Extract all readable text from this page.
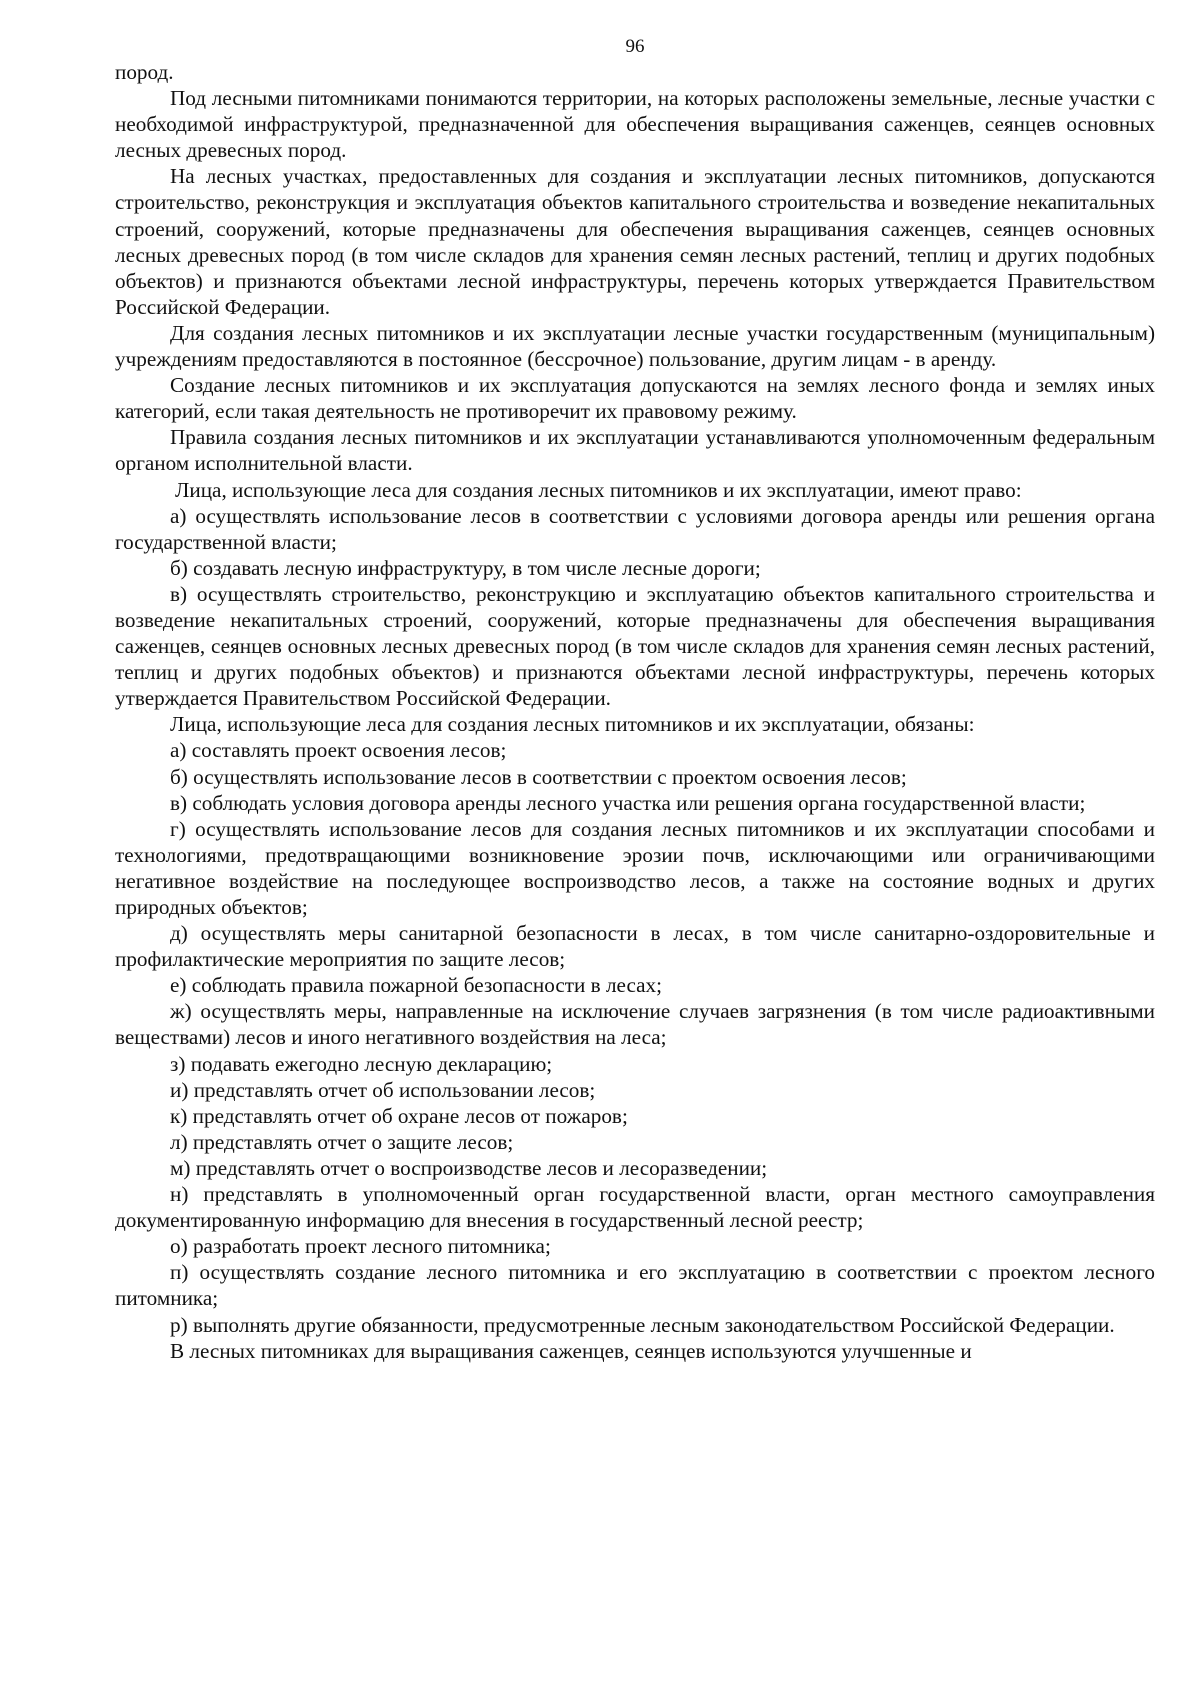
96

пород.

Под лесными питомниками понимаются территории, на которых расположены земельные, лесные участки с необходимой инфраструктурой, предназначенной для обеспечения выращивания саженцев, сеянцев основных лесных древесных пород.

На лесных участках, предоставленных для создания и эксплуатации лесных питомников, допускаются строительство, реконструкция и эксплуатация объектов капитального строительства и возведение некапитальных строений, сооружений, которые предназначены для обеспечения выращивания саженцев, сеянцев основных лесных древесных пород (в том числе складов для хранения семян лесных растений, теплиц и других подобных объектов) и признаются объектами лесной инфраструктуры, перечень которых утверждается Правительством Российской Федерации.

Для создания лесных питомников и их эксплуатации лесные участки государственным (муниципальным) учреждениям предоставляются в постоянное (бессрочное) пользование, другим лицам - в аренду.

Создание лесных питомников и их эксплуатация допускаются на землях лесного фонда и землях иных категорий, если такая деятельность не противоречит их правовому режиму.

Правила создания лесных питомников и их эксплуатации устанавливаются уполномоченным федеральным органом исполнительной власти.

Лица, использующие леса для создания лесных питомников и их эксплуатации, имеют право:

а) осуществлять использование лесов в соответствии с условиями договора аренды или решения органа государственной власти;

б) создавать лесную инфраструктуру, в том числе лесные дороги;

в) осуществлять строительство, реконструкцию и эксплуатацию объектов капитального строительства и возведение некапитальных строений, сооружений, которые предназначены для обеспечения выращивания саженцев, сеянцев основных лесных древесных пород (в том числе складов для хранения семян лесных растений, теплиц и других подобных объектов) и признаются объектами лесной инфраструктуры, перечень которых утверждается Правительством Российской Федерации.

Лица, использующие леса для создания лесных питомников и их эксплуатации, обязаны:

а) составлять проект освоения лесов;

б) осуществлять использование лесов в соответствии с проектом освоения лесов;

в) соблюдать условия договора аренды лесного участка или решения органа государственной власти;

г) осуществлять использование лесов для создания лесных питомников и их эксплуатации способами и технологиями, предотвращающими возникновение эрозии почв, исключающими или ограничивающими негативное воздействие на последующее воспроизводство лесов, а также на состояние водных и других природных объектов;

д) осуществлять меры санитарной безопасности в лесах, в том числе санитарно-оздоровительные и профилактические мероприятия по защите лесов;

е) соблюдать правила пожарной безопасности в лесах;

ж) осуществлять меры, направленные на исключение случаев загрязнения (в том числе радиоактивными веществами) лесов и иного негативного воздействия на леса;

з) подавать ежегодно лесную декларацию;

и) представлять отчет об использовании лесов;

к) представлять отчет об охране лесов от пожаров;

л) представлять отчет о защите лесов;

м) представлять отчет о воспроизводстве лесов и лесоразведении;

н) представлять в уполномоченный орган государственной власти, орган местного самоуправления документированную информацию для внесения в государственный лесной реестр;

о) разработать проект лесного питомника;

п) осуществлять создание лесного питомника и его эксплуатацию в соответствии с проектом лесного питомника;

р) выполнять другие обязанности, предусмотренные лесным законодательством Российской Федерации.

В лесных питомниках для выращивания саженцев, сеянцев используются улучшенные и
